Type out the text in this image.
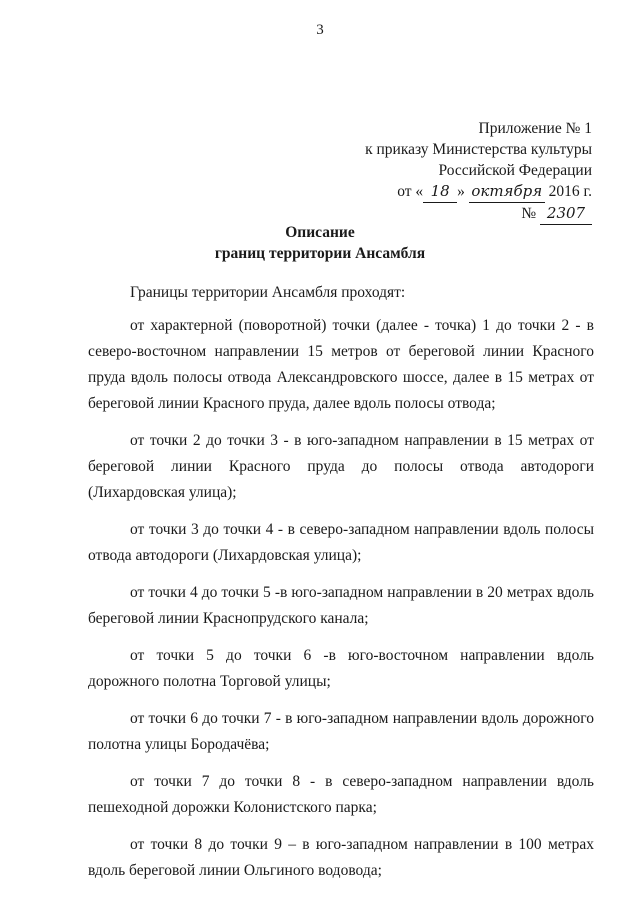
3
Приложение № 1
к приказу Министерства культуры
Российской Федерации
от « 18 » октября 2016 г.
№ 2307
Описание
границ территории Ансамбля

Границы территории Ансамбля проходят:

от характерной (поворотной) точки (далее - точка) 1 до точки 2 - в северо-восточном направлении 15 метров от береговой линии Красного пруда вдоль полосы отвода Александровского шоссе, далее в 15 метрах от береговой линии Красного пруда, далее вдоль полосы отвода;

от точки 2 до точки 3 - в юго-западном направлении в 15 метрах от береговой линии Красного пруда до полосы отвода автодороги (Лихардовская улица);

от точки 3 до точки 4 - в северо-западном направлении вдоль полосы отвода автодороги (Лихардовская улица);

от точки 4 до точки 5 -в юго-западном направлении в 20 метрах вдоль береговой линии Краснопрудского канала;

от точки 5 до точки 6 -в юго-восточном направлении вдоль дорожного полотна Торговой улицы;

от точки 6 до точки 7 - в юго-западном направлении вдоль дорожного полотна улицы Бородачёва;

от точки 7 до точки 8 - в северо-западном направлении вдоль пешеходной дорожки Колонистского парка;

от точки 8 до точки 9 – в юго-западном направлении в 100 метрах вдоль береговой линии Ольгиного водовода;
